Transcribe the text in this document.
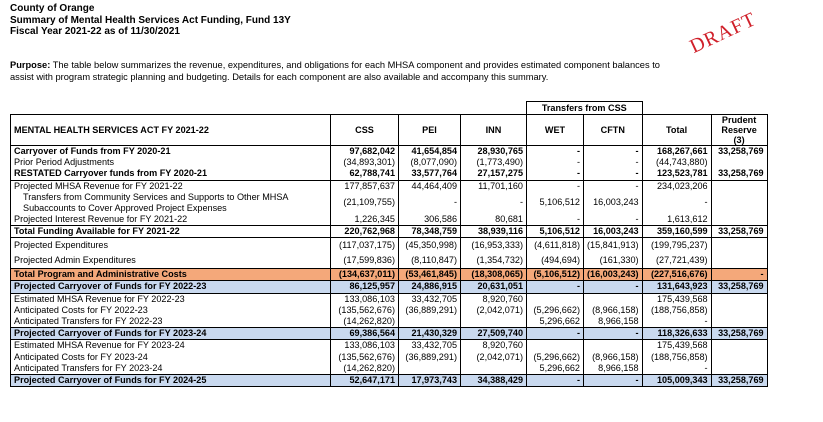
County of Orange
Summary of Mental Health Services Act Funding, Fund 13Y
Fiscal Year 2021-22 as of 11/30/2021	DRAFT
Purpose: The table below summarizes the revenue, expenditures, and obligations for each MHSA component and provides estimated component balances to assist with program strategic planning and budgeting. Details for each component are also available and accompany this summary.
				Transfers from CSS			
MENTAL HEALTH SERVICES ACT FY 2021-22	CSS	PEI	INN	WET	CFTN	Total	Prudent Reserve (3)
Carryover of Funds from FY 2020-21	97,682,042	41,654,854	28,930,765	-	-	168,267,661	33,258,769
Prior Period Adjustments	(34,893,301)	(8,077,090)	(1,773,490)	-	-	(44,743,880)	
RESTATED Carryover funds from FY 2020-21	62,788,741	33,577,764	27,157,275	-	-	123,523,781	33,258,769
Projected MHSA Revenue for FY 2021-22	177,857,637	44,464,409	11,701,160	-	-	234,023,206	
Transfers from Community Services and Supports to Other MHSA Subaccounts to Cover Approved Project Expenses	(21,109,755)	-	-	5,106,512	16,003,243	-	
Projected Interest Revenue for FY 2021-22	1,226,345	306,586	80,681	-	-	1,613,612	
Total Funding Available for FY 2021-22	220,762,968	78,348,759	38,939,116	5,106,512	16,003,243	359,160,599	33,258,769
Projected Expenditures	(117,037,175)	(45,350,998)	(16,953,333)	(4,611,818)	(15,841,913)	(199,795,237)	
Projected Admin Expenditures	(17,599,836)	(8,110,847)	(1,354,732)	(494,694)	(161,330)	(27,721,439)	
Total Program and Administrative Costs	(134,637,011)	(53,461,845)	(18,308,065)	(5,106,512)	(16,003,243)	(227,516,676)	-
Projected Carryover of Funds for FY 2022-23	86,125,957	24,886,915	20,631,051	-	-	131,643,923	33,258,769
Estimated MHSA Revenue for FY 2022-23	133,086,103	33,432,705	8,920,760			175,439,568	
Anticipated Costs for FY 2022-23	(135,562,676)	(36,889,291)	(2,042,071)	(5,296,662)	(8,966,158)	(188,756,858)	
Anticipated Transfers for FY 2022-23	(14,262,820)			5,296,662	8,966,158	-	
Projected Carryover of Funds for FY 2023-24	69,386,564	21,430,329	27,509,740	-	-	118,326,633	33,258,769
Estimated MHSA Revenue for FY 2023-24	133,086,103	33,432,705	8,920,760			175,439,568	
Anticipated Costs for FY 2023-24	(135,562,676)	(36,889,291)	(2,042,071)	(5,296,662)	(8,966,158)	(188,756,858)	
Anticipated Transfers for FY 2023-24	(14,262,820)			5,296,662	8,966,158	-	
Projected Carryover of Funds for FY 2024-25	52,647,171	17,973,743	34,388,429	-	-	105,009,343	33,258,769
